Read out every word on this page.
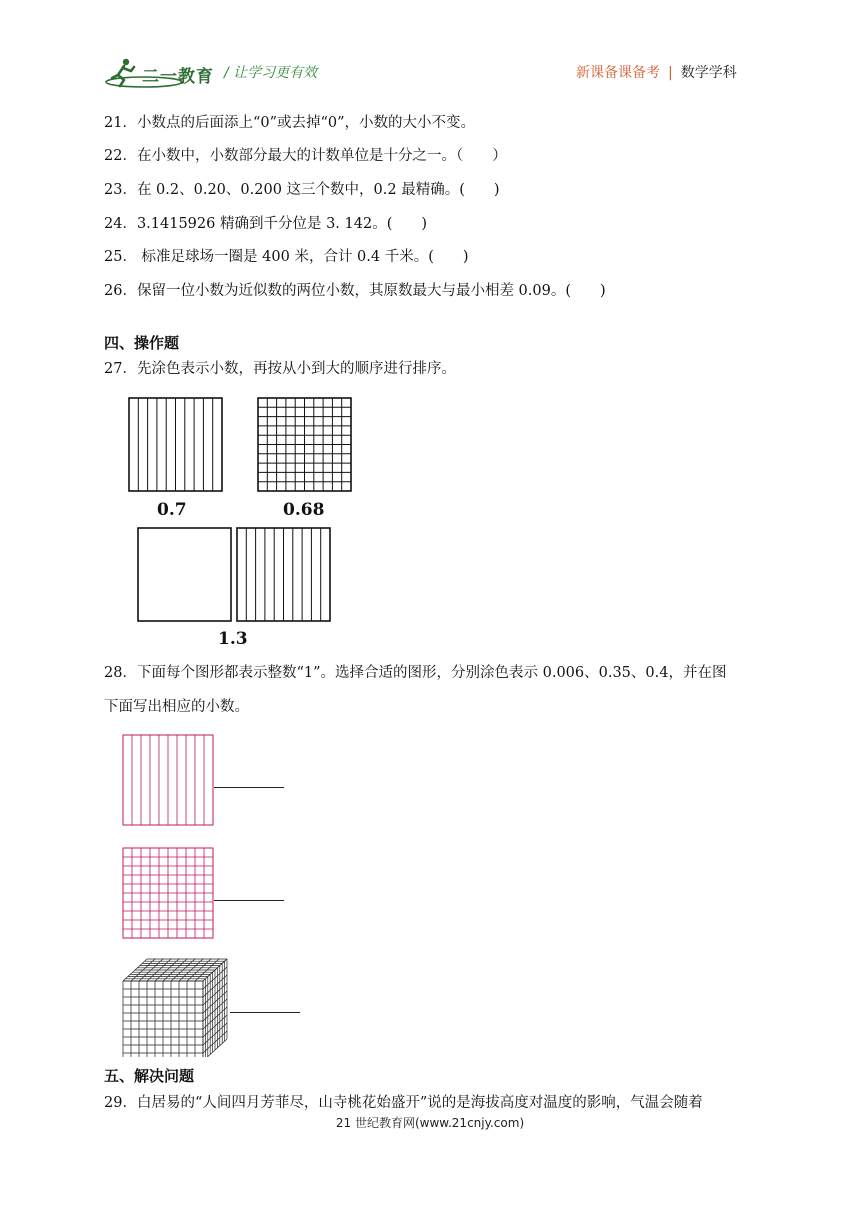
二一教育 / 让学习更有效	新课备课备考 | 数学学科
21．小数点的后面添上“0”或去掉“0”，小数的大小不变。
22．在小数中，小数部分最大的计数单位是十分之一。（　　）
23．在 0.2、0.20、0.200 这三个数中，0.2 最精确。(　　)
24．3.1415926 精确到千分位是 3. 142。(　　)
25． 标准足球场一圈是 400 米，合计 0.4 千米。(　　)
26．保留一位小数为近似数的两位小数，其原数最大与最小相差 0.09。(　　)
四、操作题
27．先涂色表示小数，再按从小到大的顺序进行排序。
0.7	0.68
1.3
28．下面每个图形都表示整数“1”。选择合适的图形，分别涂色表示 0.006、0.35、0.4，并在图
下面写出相应的小数。
五、解决问题
29．白居易的“人间四月芳菲尽，山寺桃花始盛开”说的是海拔高度对温度的影响，气温会随着
21 世纪教育网(www.21cnjy.com)
